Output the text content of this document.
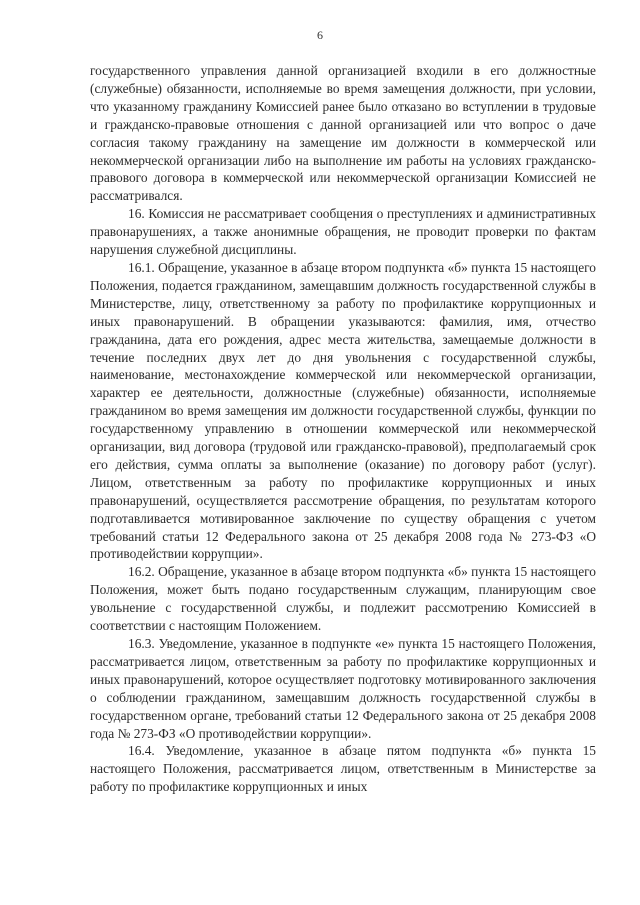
6

государственного управления данной организацией входили в его должностные (служебные) обязанности, исполняемые во время замещения должности, при условии, что указанному гражданину Комиссией ранее было отказано во вступлении в трудовые и гражданско-правовые отношения с данной организацией или что вопрос о даче согласия такому гражданину на замещение им должности в коммерческой или некоммерческой организации либо на выполнение им работы на условиях гражданско-правового договора в коммерческой или некоммерческой организации Комиссией не рассматривался.

16. Комиссия не рассматривает сообщения о преступлениях и административных правонарушениях, а также анонимные обращения, не проводит проверки по фактам нарушения служебной дисциплины.

16.1. Обращение, указанное в абзаце втором подпункта «б» пункта 15 настоящего Положения, подается гражданином, замещавшим должность государственной службы в Министерстве, лицу, ответственному за работу по профилактике коррупционных и иных правонарушений. В обращении указываются: фамилия, имя, отчество гражданина, дата его рождения, адрес места жительства, замещаемые должности в течение последних двух лет до дня увольнения с государственной службы, наименование, местонахождение коммерческой или некоммерческой организации, характер ее деятельности, должностные (служебные) обязанности, исполняемые гражданином во время замещения им должности государственной службы, функции по государственному управлению в отношении коммерческой или некоммерческой организации, вид договора (трудовой или гражданско-правовой), предполагаемый срок его действия, сумма оплаты за выполнение (оказание) по договору работ (услуг). Лицом, ответственным за работу по профилактике коррупционных и иных правонарушений, осуществляется рассмотрение обращения, по результатам которого подготавливается мотивированное заключение по существу обращения с учетом требований статьи 12 Федерального закона от 25 декабря 2008 года № 273-ФЗ «О противодействии коррупции».

16.2. Обращение, указанное в абзаце втором подпункта «б» пункта 15 настоящего Положения, может быть подано государственным служащим, планирующим свое увольнение с государственной службы, и подлежит рассмотрению Комиссией в соответствии с настоящим Положением.

16.3. Уведомление, указанное в подпункте «е» пункта 15 настоящего Положения, рассматривается лицом, ответственным за работу по профилактике коррупционных и иных правонарушений, которое осуществляет подготовку мотивированного заключения о соблюдении гражданином, замещавшим должность государственной службы в государственном органе, требований статьи 12 Федерального закона от 25 декабря 2008 года № 273-ФЗ «О противодействии коррупции».

16.4. Уведомление, указанное в абзаце пятом подпункта «б» пункта 15 настоящего Положения, рассматривается лицом, ответственным в Министерстве за работу по профилактике коррупционных и иных
